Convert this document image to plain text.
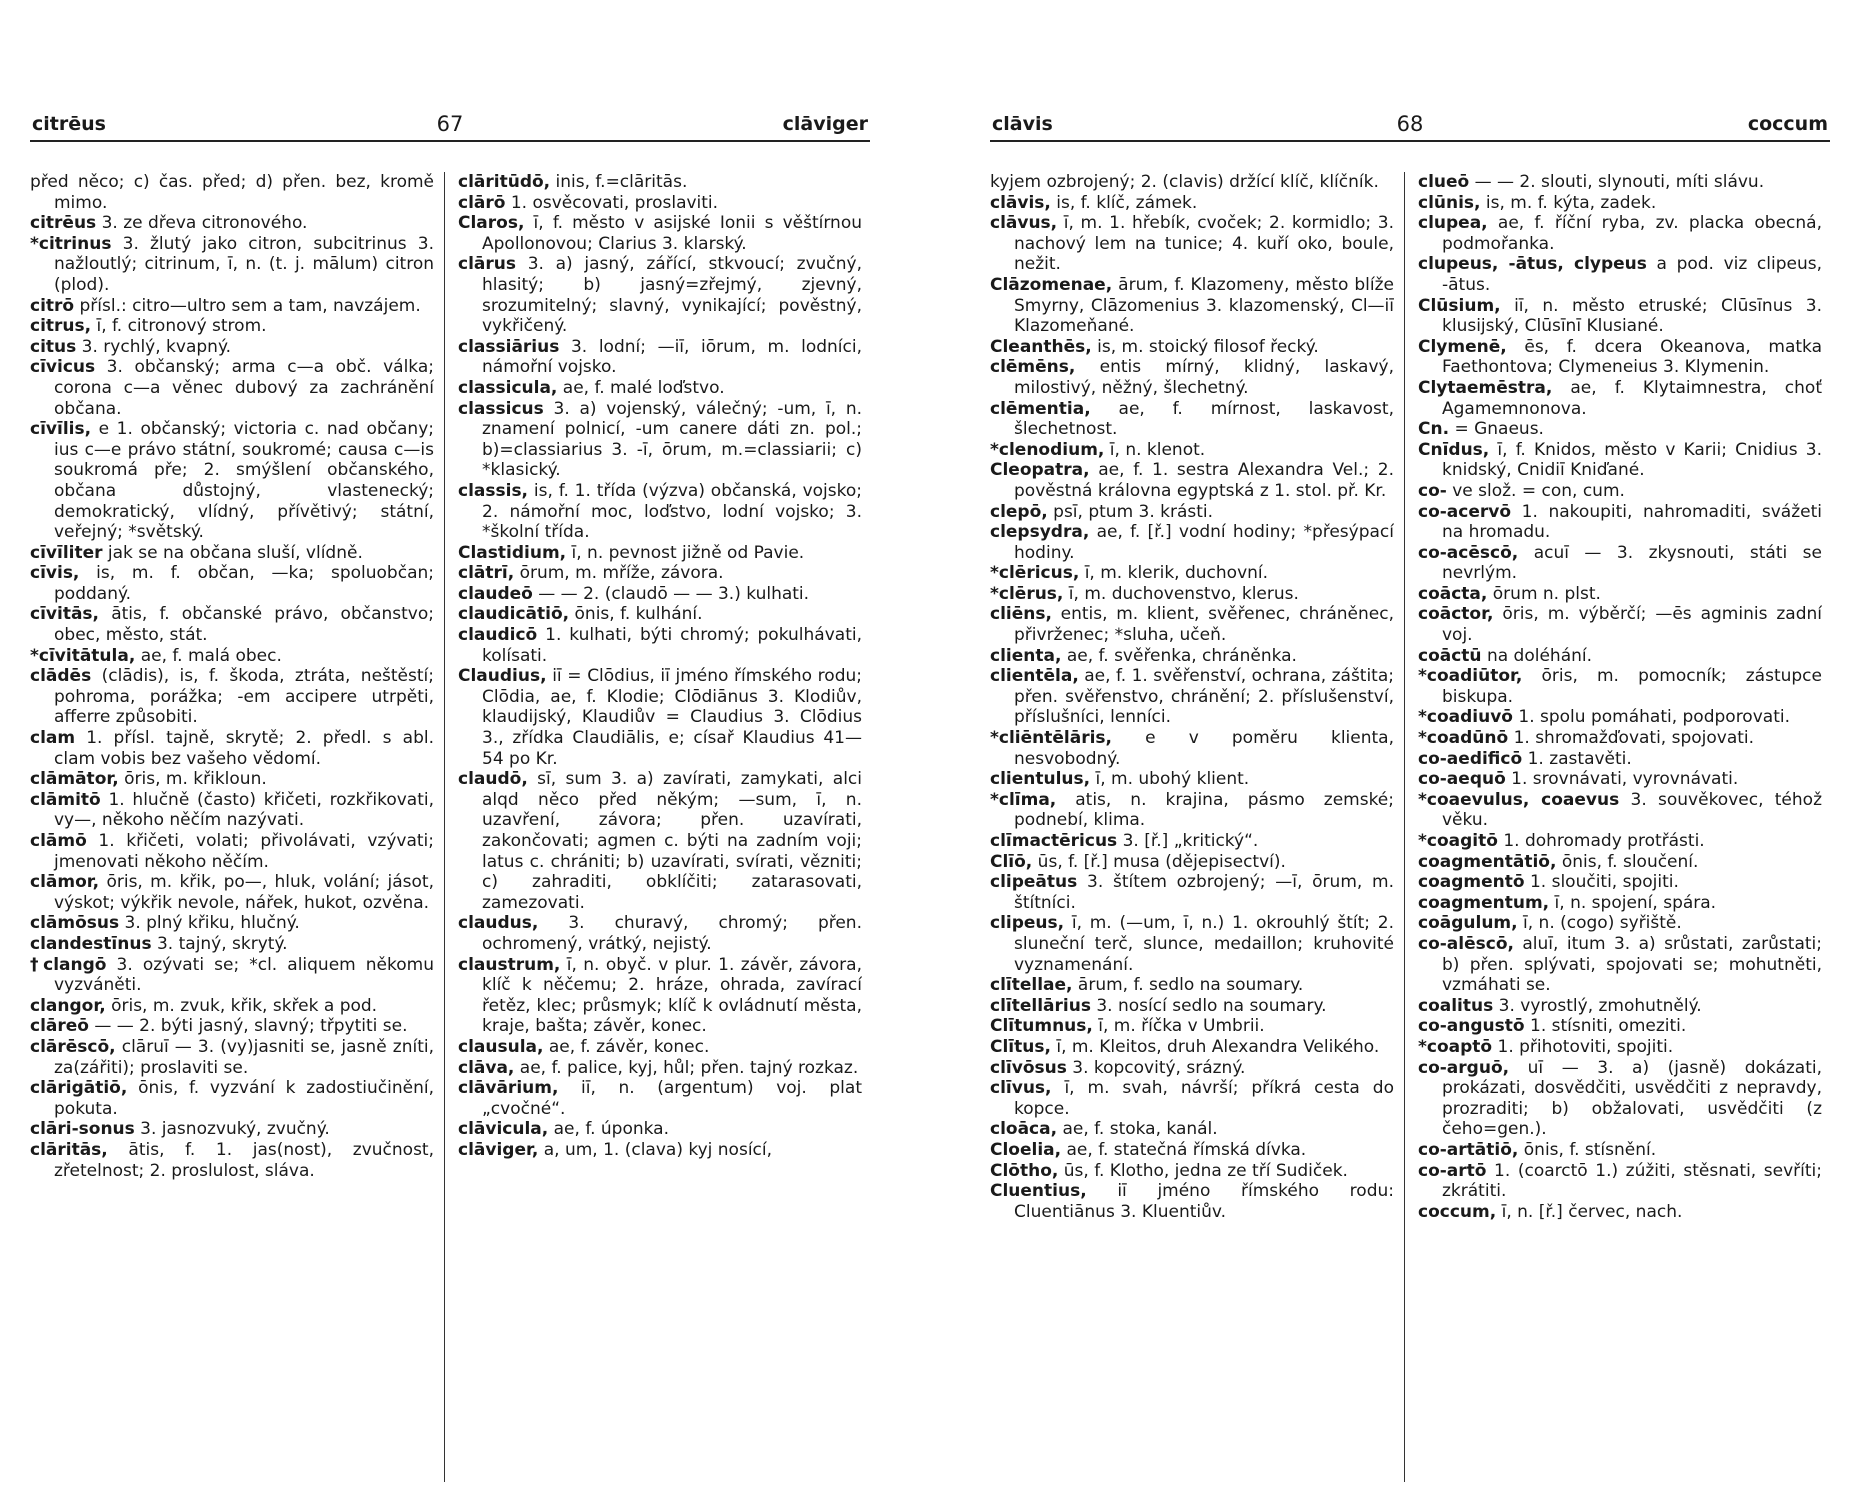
citrēus	67	clāviger

před něco; c) čas. před; d) přen. bez, kromě mimo.

citrēus 3. ze dřeva citronového.

*citrinus 3. žlutý jako citron, subcitrinus 3. nažloutlý; citrinum, ī, n. (t. j. mālum) citron (plod).

citrō přísl.: citro—ultro sem a tam, navzájem.

citrus, ī, f. citronový strom.

citus 3. rychlý, kvapný.

cīvicus 3. občanský; arma c—a obč. válka; corona c—a věnec dubový za zachránění občana.

cīvīlis, e 1. občanský; victoria c. nad občany; ius c—e právo státní, soukromé; causa c—is soukromá pře; 2. smýšlení občanského, občana důstojný, vlastenecký; demokratický, vlídný, přívětivý; státní, veřejný; *světský.

cīvīliter jak se na občana sluší, vlídně.

cīvis, is, m. f. občan, —ka; spoluobčan; poddaný.

cīvitās, ātis, f. občanské právo, občanstvo; obec, město, stát.

*cīvitātula, ae, f. malá obec.

clādēs (clādis), is, f. škoda, ztráta, neštěstí; pohroma, porážka; -em accipere utrpěti, afferre způsobiti.

clam 1. přísl. tajně, skrytě; 2. předl. s abl. clam vobis bez vašeho vědomí.

clāmātor, ōris, m. křikloun.

clāmitō 1. hlučně (často) křičeti, rozkřikovati, vy—, někoho něčím nazývati.

clāmō 1. křičeti, volati; přivolávati, vzývati; jmenovati někoho něčím.

clāmor, ōris, m. křik, po—, hluk, volání; jásot, výskot; výkřik nevole, nářek, hukot, ozvěna.

clāmōsus 3. plný křiku, hlučný.

clandestīnus 3. tajný, skrytý.

†clangō 3. ozývati se; *cl. aliquem někomu vyzváněti.

clangor, ōris, m. zvuk, křik, skřek a pod.

clāreō — — 2. býti jasný, slavný; třpytiti se.

clārēscō, clāruī — 3. (vy)jasniti se, jasně zníti, za(zářiti); proslaviti se.

clārigātiō, ōnis, f. vyzvání k zadostiučinění, pokuta.

clāri-sonus 3. jasnozvuký, zvučný.

clāritās, ātis, f. 1. jas(nost), zvučnost, zřetelnost; 2. proslulost, sláva.

clāritūdō, inis, f.=clāritās.

clārō 1. osvěcovati, proslaviti.

Claros, ī, f. město v asijské Ionii s věštírnou Apollonovou; Clarius 3. klarský.

clārus 3. a) jasný, zářící, stkvoucí; zvučný, hlasitý; b) jasný=zřejmý, zjevný, srozumitelný; slavný, vynikající; pověstný, vykřičený.

classiārius 3. lodní; —iī, iōrum, m. lodníci, námořní vojsko.

classicula, ae, f. malé loďstvo.

classicus 3. a) vojenský, válečný; -um, ī, n. znamení polnicí, -um canere dáti zn. pol.; b)=classiarius 3. -ī, ōrum, m.=classiarii; c) *klasický.

classis, is, f. 1. třída (výzva) občanská, vojsko; 2. námořní moc, loďstvo, lodní vojsko; 3. *školní třída.

Clastidium, ī, n. pevnost jižně od Pavie.

clātrī, ōrum, m. mříže, závora.

claudeō — — 2. (claudō — — 3.) kulhati.

claudicātiō, ōnis, f. kulhání.

claudicō 1. kulhati, býti chromý; pokulhávati, kolísati.

Claudius, iī = Clōdius, iī jméno římského rodu; Clōdia, ae, f. Klodie; Clōdiānus 3. Klodiův, klaudijský, Klaudiův = Claudius 3. Clōdius 3., zřídka Claudiālis, e; císař Klaudius 41—54 po Kr.

claudō, sī, sum 3. a) zavírati, zamykati, alci alqd něco před někým; —sum, ī, n. uzavření, závora; přen. uzavírati, zakončovati; agmen c. býti na zadním voji; latus c. chrániti; b) uzavírati, svírati, vězniti; c) zahraditi, obklíčiti; zatarasovati, zamezovati.

claudus, 3. churavý, chromý; přen. ochromený, vrátký, nejistý.

claustrum, ī, n. obyč. v plur. 1. závěr, závora, klíč k něčemu; 2. hráze, ohrada, zavírací řetěz, klec; průsmyk; klíč k ovládnutí města, kraje, bašta; závěr, konec.

clausula, ae, f. závěr, konec.

clāva, ae, f. palice, kyj, hůl; přen. tajný rozkaz.

clāvārium, iī, n. (argentum) voj. plat „cvočné“.

clāvicula, ae, f. úponka.

clāviger, a, um, 1. (clava) kyj nosící,

clāvis	68	coccum

kyjem ozbrojený; 2. (clavis) držící klíč, klíčník.

clāvis, is, f. klíč, zámek.

clāvus, ī, m. 1. hřebík, cvoček; 2. kormidlo; 3. nachový lem na tunice; 4. kuří oko, boule, nežit.

Clāzomenae, ārum, f. Klazomeny, město blíže Smyrny, Clāzomenius 3. klazomenský, Cl—iī Klazomeňané.

Cleanthēs, is, m. stoický filosof řecký.

clēmēns, entis mírný, klidný, laskavý, milostivý, něžný, šlechetný.

clēmentia, ae, f. mírnost, laskavost, šlechetnost.

*clenodium, ī, n. klenot.

Cleopatra, ae, f. 1. sestra Alexandra Vel.; 2. pověstná královna egyptská z 1. stol. př. Kr.

clepō, psī, ptum 3. krásti.

clepsydra, ae, f. [ř.] vodní hodiny; *přesýpací hodiny.

*clēricus, ī, m. klerik, duchovní.

*clērus, ī, m. duchovenstvo, klerus.

cliēns, entis, m. klient, svěřenec, chráněnec, přivrženec; *sluha, učeň.

clienta, ae, f. svěřenka, chráněnka.

clientēla, ae, f. 1. svěřenství, ochrana, záštita; přen. svěřenstvo, chránění; 2. příslušenství, příslušníci, lenníci.

*cliēntēlāris, e v poměru klienta, nesvobodný.

clientulus, ī, m. ubohý klient.

*clīma, atis, n. krajina, pásmo zemské; podnebí, klima.

clīmactēricus 3. [ř.] „kritický“.

Clīō, ūs, f. [ř.] musa (dějepisectví).

clipeātus 3. štítem ozbrojený; —ī, ōrum, m. štítníci.

clipeus, ī, m. (—um, ī, n.) 1. okrouhlý štít; 2. sluneční terč, slunce, medaillon; kruhovité vyznamenání.

clītellae, ārum, f. sedlo na soumary.

clītellārius 3. nosící sedlo na soumary.

Clītumnus, ī, m. říčka v Umbrii.

Clītus, ī, m. Kleitos, druh Alexandra Velikého.

clīvōsus 3. kopcovitý, srázný.

clīvus, ī, m. svah, návrší; příkrá cesta do kopce.

cloāca, ae, f. stoka, kanál.

Cloelia, ae, f. statečná římská dívka.

Clōtho, ūs, f. Klotho, jedna ze tří Sudiček.

Cluentius, iī jméno římského rodu: Cluentiānus 3. Kluentiův.

clueō — — 2. slouti, slynouti, míti slávu.

clūnis, is, m. f. kýta, zadek.

clupea, ae, f. říční ryba, zv. placka obecná, podmořanka.

clupeus, -ātus, clypeus a pod. viz clipeus, -ātus.

Clūsium, iī, n. město etruské; Clūsīnus 3. klusijský, Clūsīnī Klusiané.

Clymenē, ēs, f. dcera Okeanova, matka Faethontova; Clymeneius 3. Klymenin.

Clytaemēstra, ae, f. Klytaimnestra, choť Agamemnonova.

Cn. = Gnaeus.

Cnīdus, ī, f. Knidos, město v Karii; Cnidius 3. knidský, Cnidiī Kniďané.

co- ve slož. = con, cum.

co-acervō 1. nakoupiti, nahromaditi, svážeti na hromadu.

co-acēscō, acuī — 3. zkysnouti, státi se nevrlým.

coācta, ōrum n. plst.

coāctor, ōris, m. výběrčí; —ēs agminis zadní voj.

coāctū na doléhání.

*coadiūtor, ōris, m. pomocník; zástupce biskupa.

*coadiuvō 1. spolu pomáhati, podporovati.

*coadūnō 1. shromažďovati, spojovati.

co-aedificō 1. zastavěti.

co-aequō 1. srovnávati, vyrovnávati.

*coaevulus, coaevus 3. souvěkovec, téhož věku.

*coagitō 1. dohromady protřásti.

coagmentātiō, ōnis, f. sloučení.

coagmentō 1. sloučiti, spojiti.

coagmentum, ī, n. spojení, spára.

coāgulum, ī, n. (cogo) syřiště.

co-alēscō, aluī, itum 3. a) srůstati, zarůstati; b) přen. splývati, spojovati se; mohutněti, vzmáhati se.

coalitus 3. vyrostlý, zmohutnělý.

co-angustō 1. stísniti, omeziti.

*coaptō 1. přihotoviti, spojiti.

co-arguō, uī — 3. a) (jasně) dokázati, prokázati, dosvědčiti, usvědčiti z nepravdy, prozraditi; b) obžalovati, usvědčiti (z čeho=gen.).

co-artātiō, ōnis, f. stísnění.

co-artō 1. (coarctō 1.) zúžiti, stěsnati, sevříti; zkrátiti.

coccum, ī, n. [ř.] červec, nach.
